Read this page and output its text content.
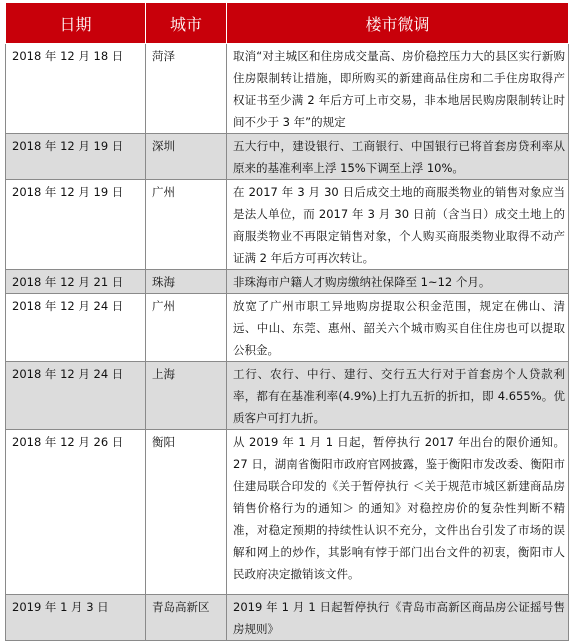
日期	城市	楼市微调
2018 年 12 月 18 日	菏泽	取消“对主城区和住房成交量高、房价稳控压力大的县区实行新购住房限制转让措施，即所购买的新建商品住房和二手住房取得产权证书至少满 2 年后方可上市交易，非本地居民购房限制转让时间不少于 3 年”的规定
2018 年 12 月 19 日	深圳	五大行中，建设银行、工商银行、中国银行已将首套房贷利率从原来的基准利率上浮 15%下调至上浮 10%。
2018 年 12 月 19 日	广州	在 2017 年 3 月 30 日后成交土地的商服类物业的销售对象应当是法人单位，而 2017 年 3 月 30 日前（含当日）成交土地上的商服类物业不再限定销售对象，个人购买商服类物业取得不动产证满 2 年后方可再次转让。
2018 年 12 月 21 日	珠海	非珠海市户籍人才购房缴纳社保降至 1~12 个月。
2018 年 12 月 24 日	广州	放宽了广州市职工异地购房提取公积金范围，规定在佛山、清远、中山、东莞、惠州、韶关六个城市购买自住住房也可以提取公积金。
2018 年 12 月 24 日	上海	工行、农行、中行、建行、交行五大行对于首套房个人贷款利率，都有在基准利率(4.9%)上打九五折的折扣，即 4.655%。优质客户可打九折。
2018 年 12 月 26 日	衡阳	从 2019 年 1 月 1 日起，暂停执行 2017 年出台的限价通知。27 日，湖南省衡阳市政府官网披露，鉴于衡阳市发改委、衡阳市住建局联合印发的《关于暂停执行 ＜关于规范市城区新建商品房销售价格行为的通知＞ 的通知》对稳控房价的复杂性判断不精准，对稳定预期的持续性认识不充分，文件出台引发了市场的误解和网上的炒作，其影响有悖于部门出台文件的初衷，衡阳市人民政府决定撤销该文件。
2019 年 1 月 3 日	青岛高新区	2019 年 1 月 1 日起暂停执行《青岛市高新区商品房公证摇号售房规则》
